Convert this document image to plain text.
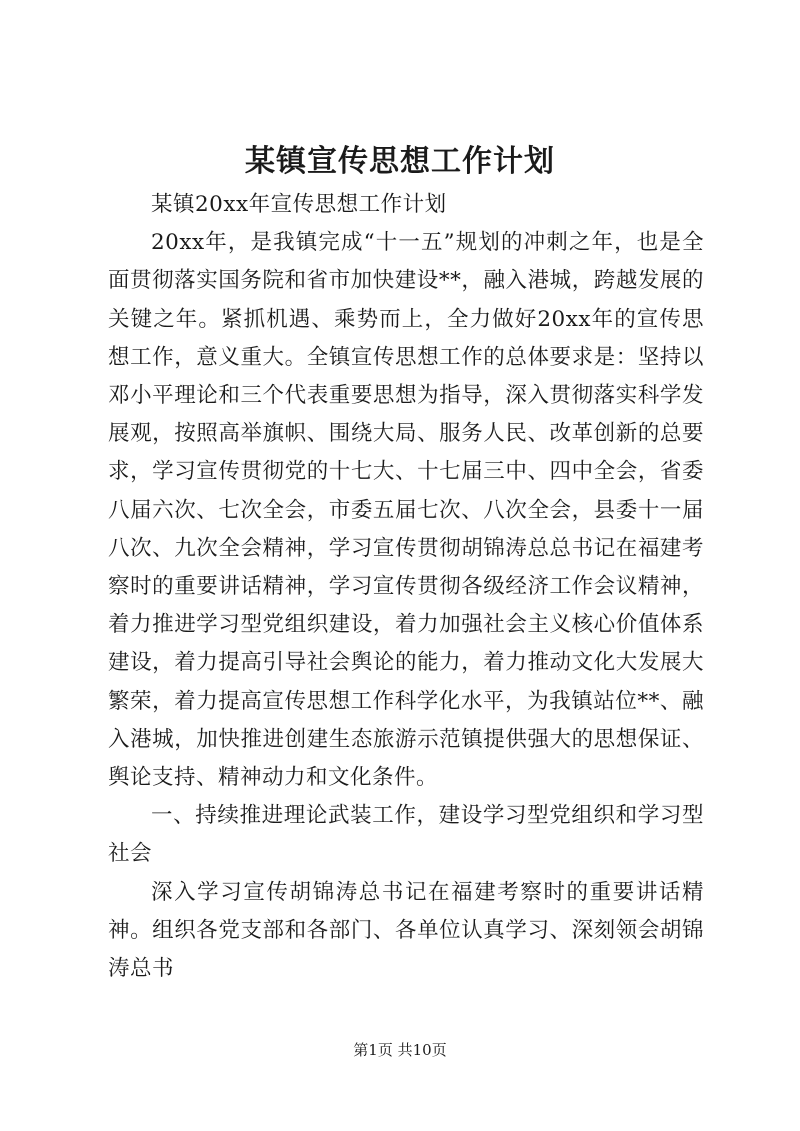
某镇宣传思想工作计划

某镇20xx年宣传思想工作计划

20xx年，是我镇完成“十一五”规划的冲刺之年，也是全面贯彻落实国务院和省市加快建设**，融入港城，跨越发展的关键之年。紧抓机遇、乘势而上，全力做好20xx年的宣传思想工作，意义重大。全镇宣传思想工作的总体要求是：坚持以邓小平理论和三个代表重要思想为指导，深入贯彻落实科学发展观，按照高举旗帜、围绕大局、服务人民、改革创新的总要求，学习宣传贯彻党的十七大、十七届三中、四中全会，省委八届六次、七次全会，市委五届七次、八次全会，县委十一届八次、九次全会精神，学习宣传贯彻胡锦涛总总书记在福建考察时的重要讲话精神，学习宣传贯彻各级经济工作会议精神，着力推进学习型党组织建设，着力加强社会主义核心价值体系建设，着力提高引导社会舆论的能力，着力推动文化大发展大繁荣，着力提高宣传思想工作科学化水平，为我镇站位**、融入港城，加快推进创建生态旅游示范镇提供强大的思想保证、舆论支持、精神动力和文化条件。

一、持续推进理论武装工作，建设学习型党组织和学习型社会

深入学习宣传胡锦涛总书记在福建考察时的重要讲话精神。组织各党支部和各部门、各单位认真学习、深刻领会胡锦涛总书

第1页 共10页
